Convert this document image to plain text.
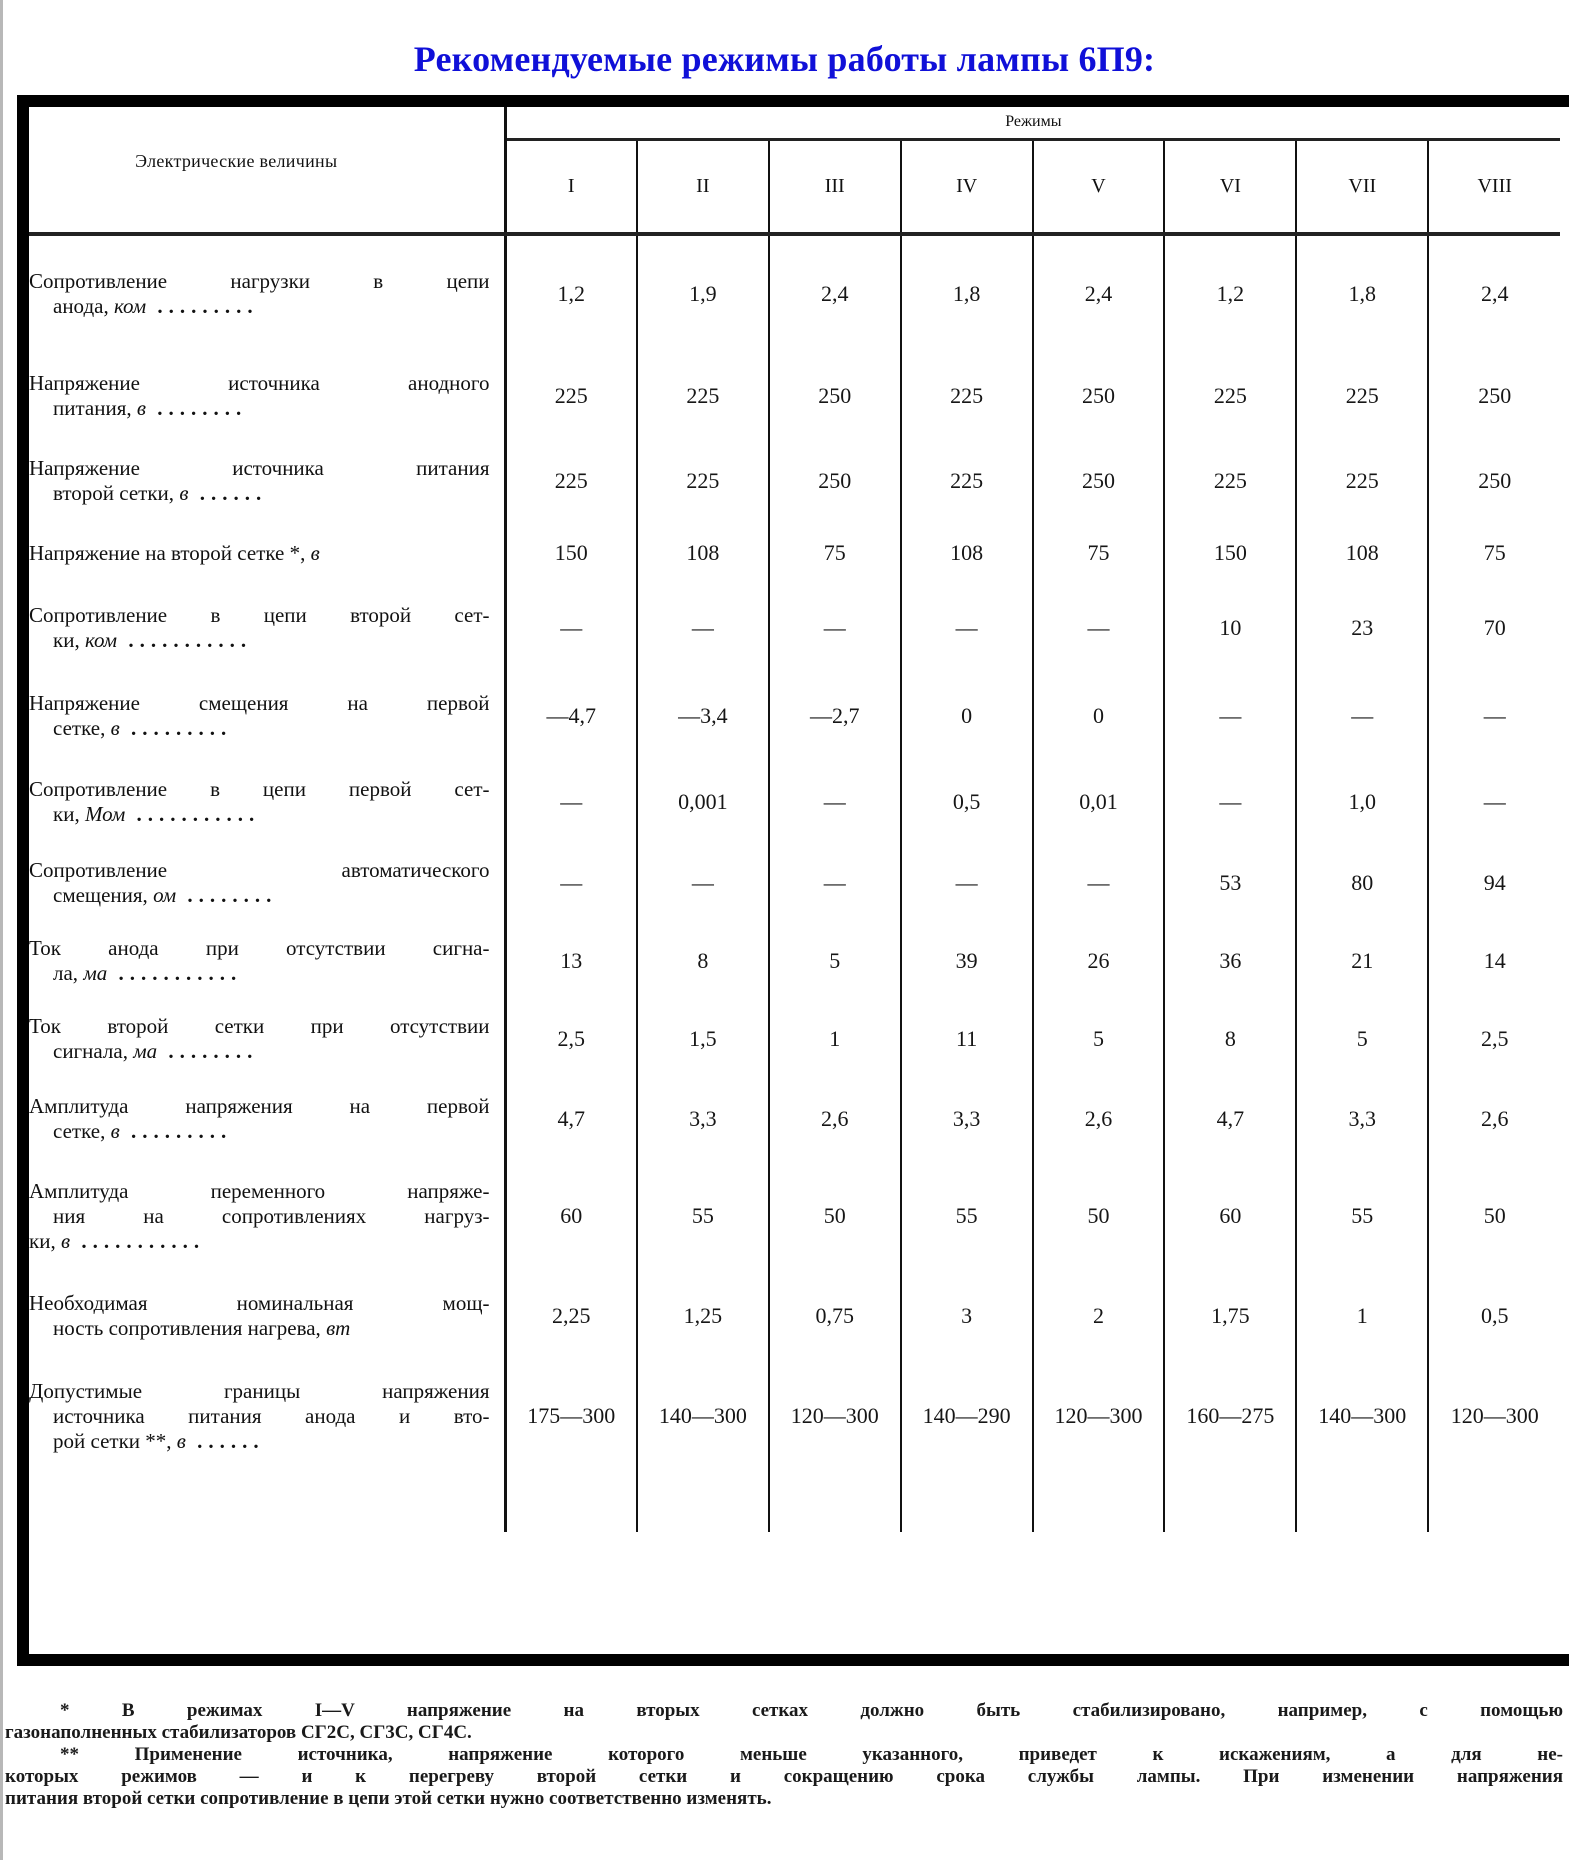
Рекомендуемые режимы работы лампы 6П9:
Электрические величины	Режимы							
	I	II	III	IV	V	VI	VII	VIII

Сопротивление нагрузки в цепи
анода, ком .........	1,2	1,9	2,4	1,8	2,4	1,2	1,8	2,4

Напряжение источника анодного
питания, в ........	225	225	250	225	250	225	225	250

Напряжение источника питания
второй сетки, в ......	225	225	250	225	250	225	225	250

Напряжение на второй сетке *, в	150	108	75	108	75	150	108	75

Сопротивление в цепи второй сет-
ки, ком ...........	—	—	—	—	—	10	23	70

Напряжение смещения на первой
сетке, в .........	—4,7	—3,4	—2,7	0	0	—	—	—

Сопротивление в цепи первой сет-
ки, Мом ...........	—	0,001	—	0,5	0,01	—	1,0	—

Сопротивление автоматического
смещения, ом ........	—	—	—	—	—	53	80	94

Ток анода при отсутствии сигна-
ла, ма ...........	13	8	5	39	26	36	21	14

Ток второй сетки при отсутствии
сигнала, ма ........	2,5	1,5	1	11	5	8	5	2,5

Амплитуда напряжения на первой
сетке, в .........	4,7	3,3	2,6	3,3	2,6	4,7	3,3	2,6

Амплитуда переменного напряже-
ния на сопротивлениях нагруз-
ки, в ...........	60	55	50	55	50	60	55	50

Необходимая номинальная мощ-
ность сопротивления нагрева, вт	2,25	1,25	0,75	3	2	1,75	1	0,5

Допустимые границы напряжения
источника питания анода и вто-
рой сетки **, в ......	175—300	140—300	120—300	140—290	120—300	160—275	140—300	120—300

* В режимах I—V напряжение на вторых сетках должно быть стабилизировано, например, с помощью

газонаполненных стабилизаторов СГ2С, СГ3С, СГ4С.

** Применение источника, напряжение которого меньше указанного, приведет к искажениям, а для не-

которых режимов — и к перегреву второй сетки и сокращению срока службы лампы. При изменении напряжения

питания второй сетки сопротивление в цепи этой сетки нужно соответственно изменять.
